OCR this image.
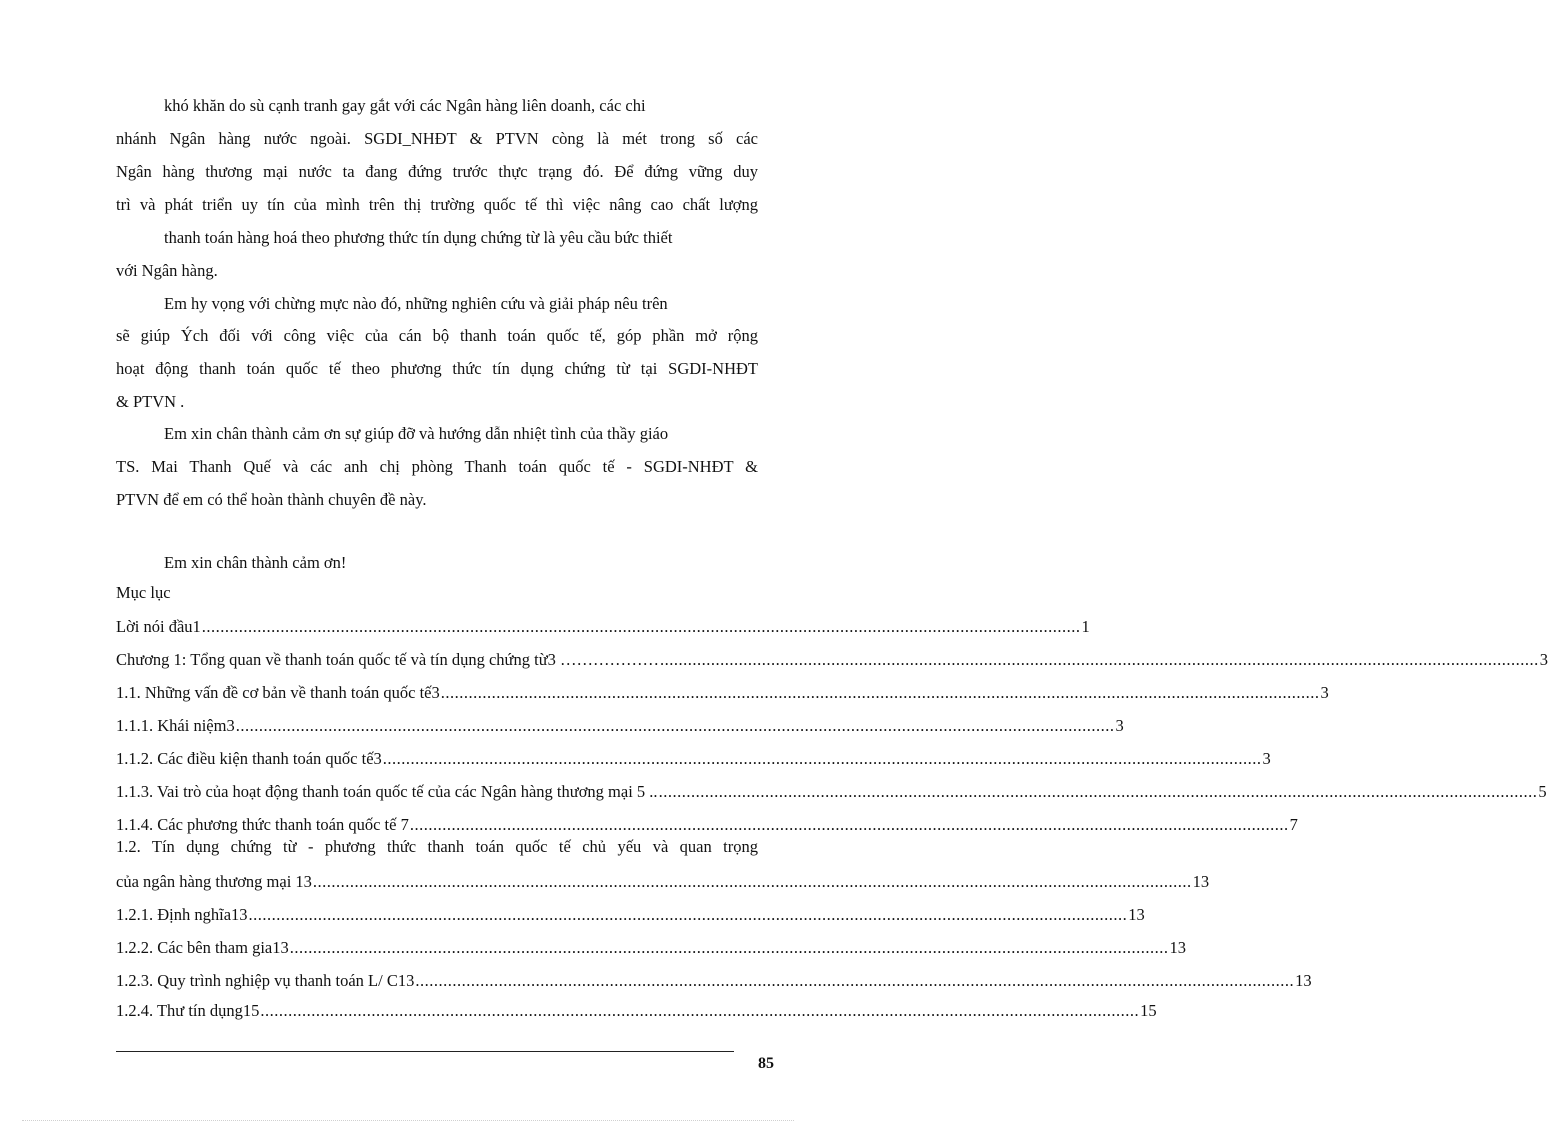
khó khăn do sù cạnh tranh gay gắt với các Ngân hàng liên doanh, các chi
nhánh Ngân hàng nước ngoài. SGDI_NHĐT & PTVN còng là mét trong số các
Ngân hàng thương mại nước ta đang đứng trước thực trạng đó. Để đứng vững duy
trì và phát triển uy tín của mình trên thị trường quốc tế thì việc nâng cao chất lượng
thanh toán hàng hoá theo phương thức tín dụng chứng từ là yêu cầu bức thiết
với Ngân hàng.
Em hy vọng với chừng mực nào đó, những nghiên cứu và giải pháp nêu trên
sẽ giúp Ých đối với công việc của cán bộ thanh toán quốc tế, góp phần mở rộng
hoạt động thanh toán quốc tế theo phương thức tín dụng chứng từ tại SGDI-NHĐT
& PTVN .
Em xin chân thành cảm ơn sự giúp đỡ và hướng dẫn nhiệt tình của thầy giáo
TS. Mai Thanh Quế và các anh chị phòng Thanh toán quốc tế - SGDI-NHĐT &
PTVN để em có thể hoàn thành chuyên đề này.
Em xin chân thành cảm ơn!
Mục lục
Lời nói đầu1 .............................................................................................................................................................................................. 1
Chương 1: Tổng quan về thanh toán quốc tế và tín dụng chứng từ3 ……………… .............................................................................................................................................................................................. 3
1.1. Những vấn đề cơ bản về thanh toán quốc tế3 .............................................................................................................................................................................................. 3
1.1.1. Khái niệm3 .............................................................................................................................................................................................. 3
1.1.2. Các điều kiện thanh toán quốc tế3 .............................................................................................................................................................................................. 3
1.1.3. Vai trò của hoạt động thanh toán quốc tế của các Ngân hàng thương mại 5 .. .............................................................................................................................................................................................. 5
1.1.4. Các phương thức thanh toán quốc tế 7 .............................................................................................................................................................................................. 7
1.2. Tín dụng chứng từ - phương thức thanh toán quốc tế chủ yếu và quan trọng
của ngân hàng thương mại 13 .............................................................................................................................................................................................. 13
1.2.1. Định nghĩa13 .............................................................................................................................................................................................. 13
1.2.2. Các bên tham gia13 .............................................................................................................................................................................................. 13
1.2.3. Quy trình nghiệp vụ thanh toán L/ C13 .............................................................................................................................................................................................. 13
1.2.4. Thư tín dụng15 .............................................................................................................................................................................................. 15
85
